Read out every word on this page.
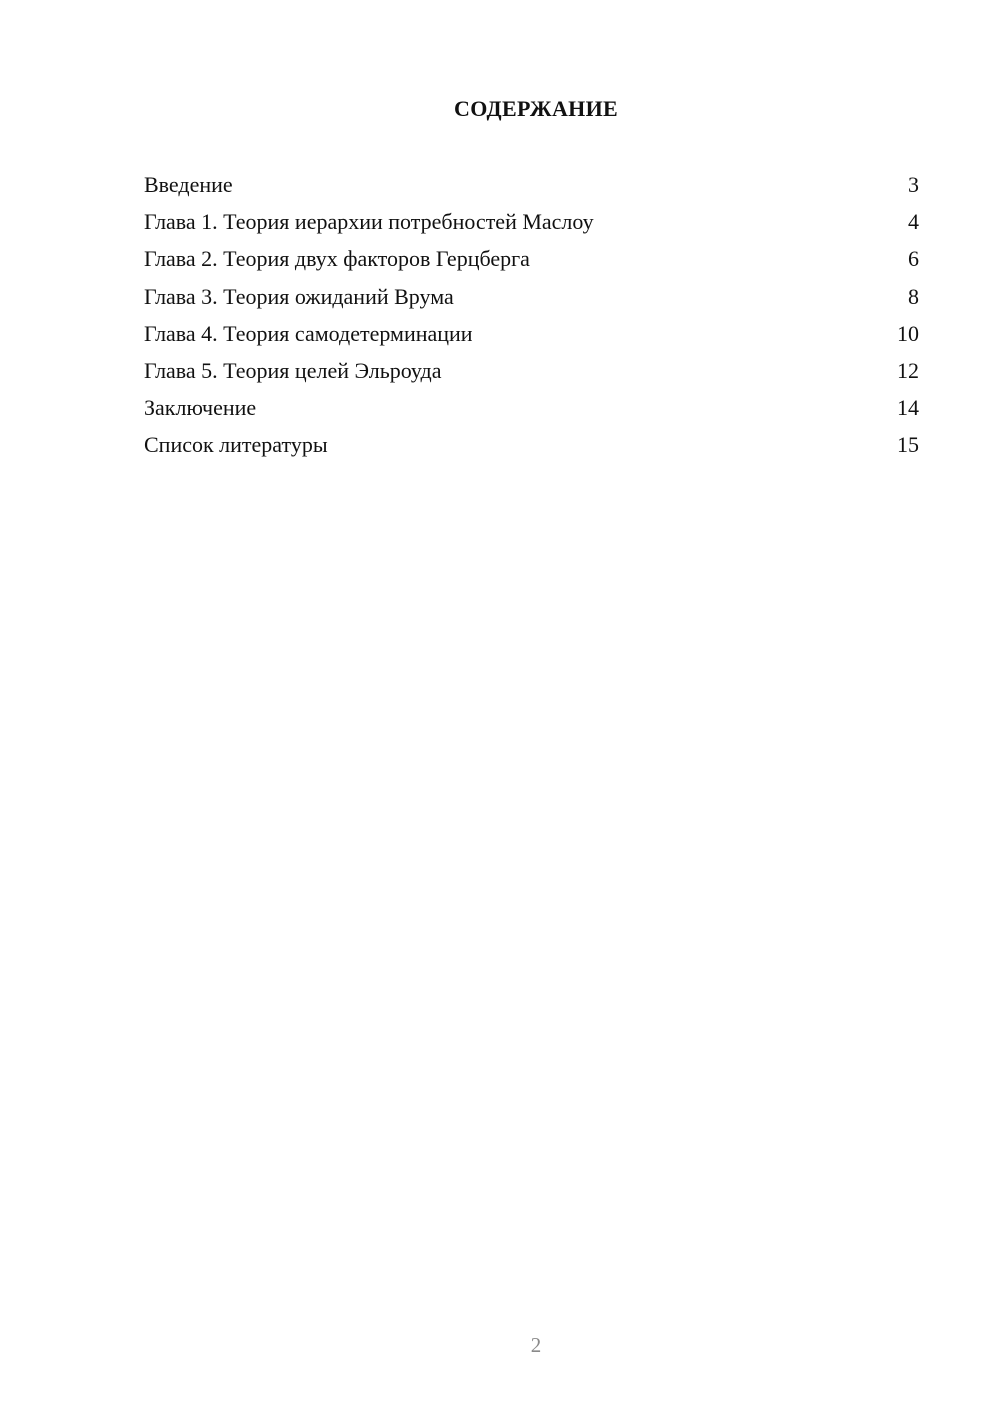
СОДЕРЖАНИЕ
Введение	3
Глава 1. Теория иерархии потребностей Маслоу	4
Глава 2. Теория двух факторов Герцберга	6
Глава 3. Теория ожиданий Врума	8
Глава 4. Теория самодетерминации	10
Глава 5. Теория целей Эльроуда	12
Заключение	14
Список литературы	15
2
